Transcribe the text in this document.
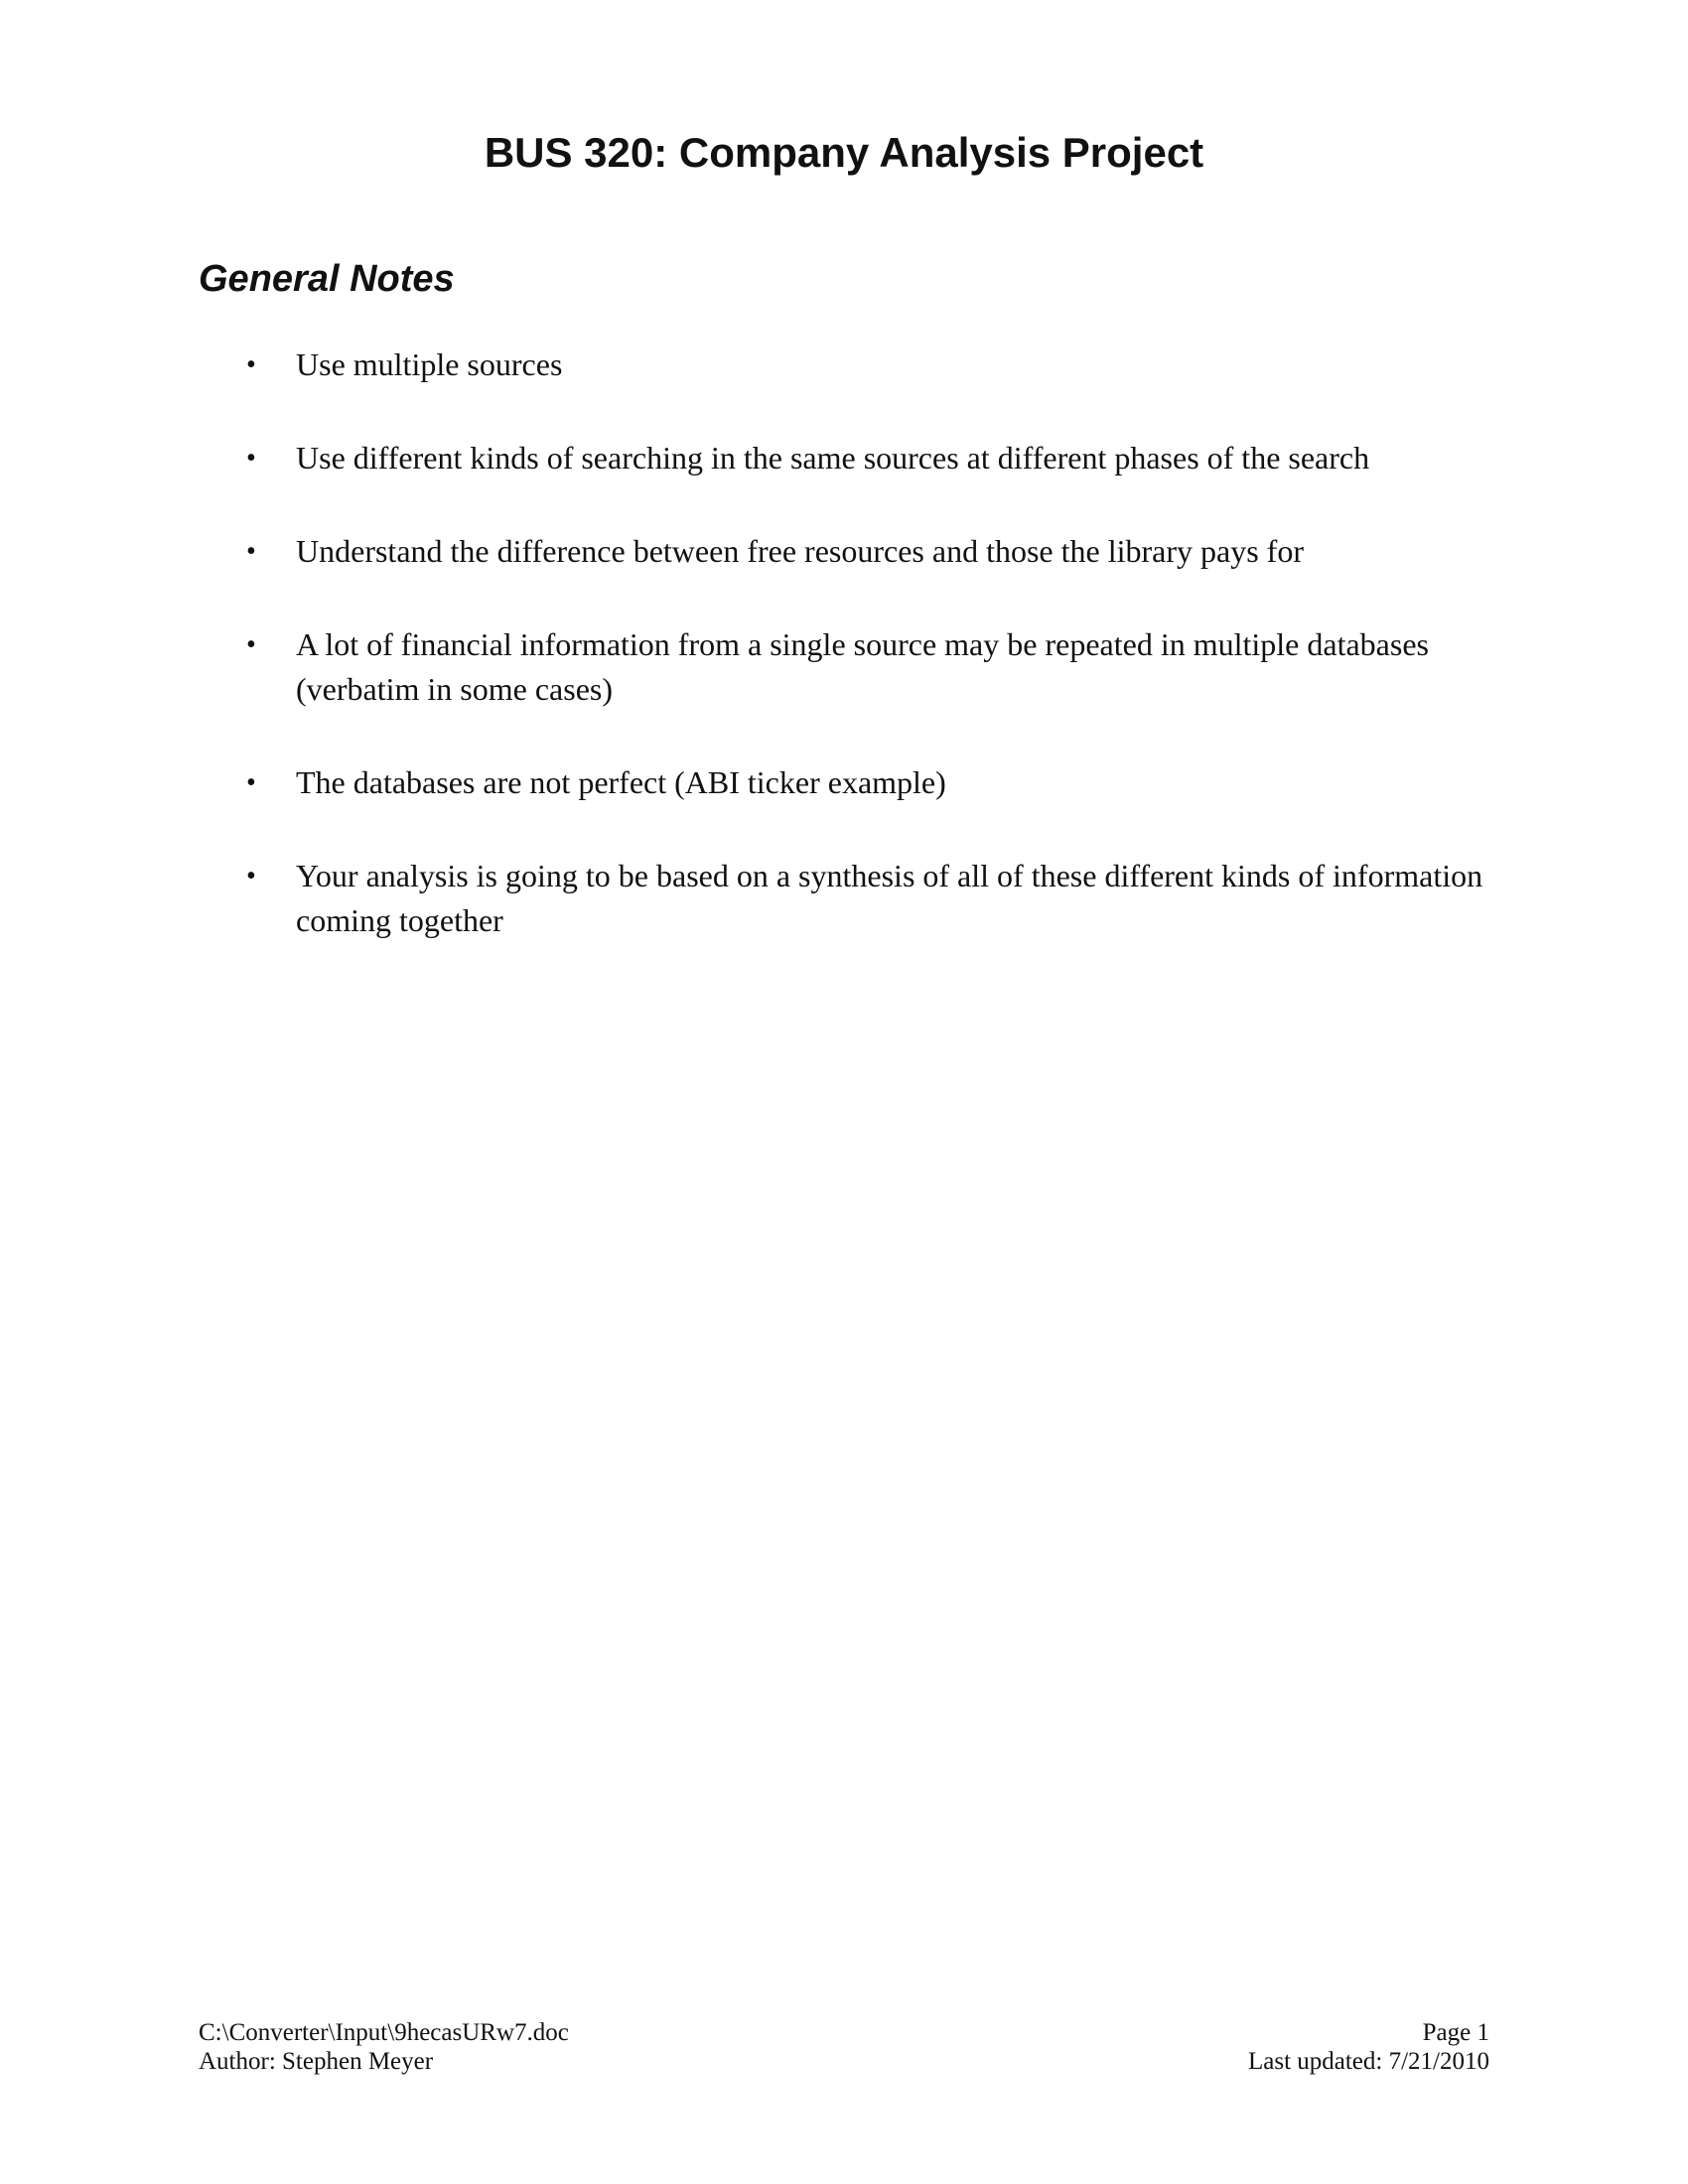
BUS 320: Company Analysis Project
General Notes
• Use multiple sources
• Use different kinds of searching in the same sources at different phases of the search
• Understand the difference between free resources and those the library pays for
• A lot of financial information from a single source may be repeated in multiple databases (verbatim in some cases)
• The databases are not perfect (ABI ticker example)
• Your analysis is going to be based on a synthesis of all of these different kinds of information coming together
C:\Converter\Input\9hecasURw7.doc
Author: Stephen Meyer
Page 1
Last updated: 7/21/2010
